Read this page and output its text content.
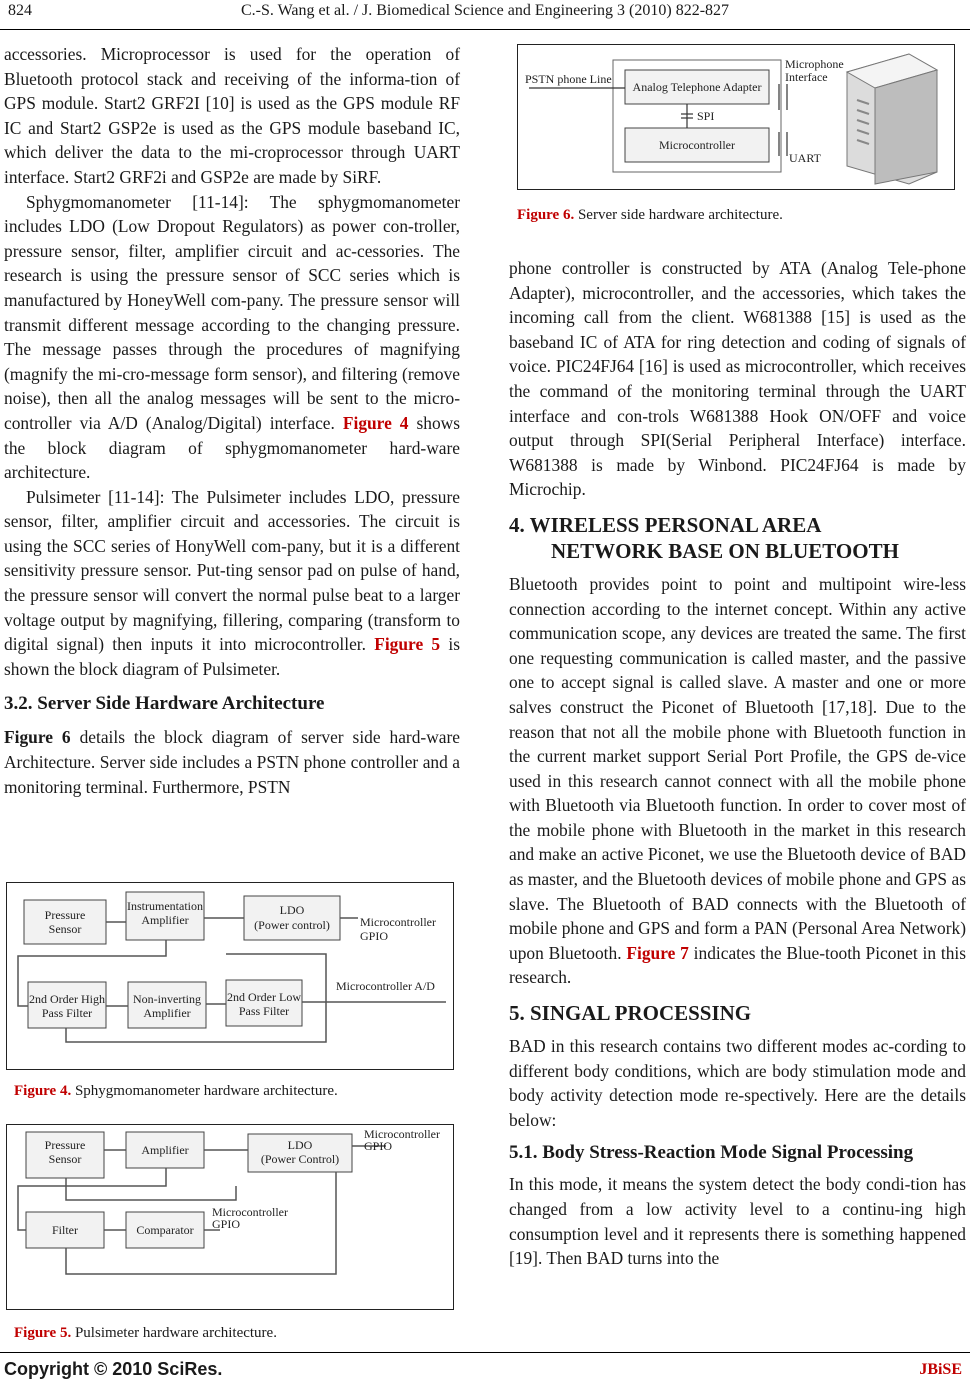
824	C.-S. Wang et al. / J. Biomedical Science and Engineering 3 (2010) 822-827

accessories. Microprocessor is used for the operation of Bluetooth protocol stack and receiving of the informa-tion of GPS module. Start2 GRF2I [10] is used as the GPS module RF IC and Start2 GSP2e is used as the GPS module baseband IC, which deliver the data to the mi-croprocessor through UART interface. Start2 GRF2i and GSP2e are made by SiRF.

Sphygmomanometer [11-14]: The sphygmomanometer includes LDO (Low Dropout Regulators) as power con-troller, pressure sensor, filter, amplifier circuit and ac-cessories. The research is using the pressure sensor of SCC series which is manufactured by HoneyWell com-pany. The pressure sensor will transmit different message according to the changing pressure. The message passes through the procedures of magnifying (magnify the mi-cro-message form sensor), and filtering (remove noise), then all the analog messages will be sent to the micro-controller via A/D (Analog/Digital) interface. Figure 4 shows the block diagram of sphygmomanometer hard-ware architecture.

Pulsimeter [11-14]: The Pulsimeter includes LDO, pressure sensor, filter, amplifier circuit and accessories. The circuit is using the SCC series of HonyWell com-pany, but it is a different sensitivity pressure sensor. Put-ting sensor pad on pulse of hand, the pressure sensor will convert the normal pulse beat to a larger voltage output by magnifying, fillering, comparing (transform to digital signal) then inputs it into microcontroller. Figure 5 is shown the block diagram of Pulsimeter.

3.2. Server Side Hardware Architecture

Figure 6 details the block diagram of server side hard-ware Architecture. Server side includes a PSTN phone controller and a monitoring terminal. Furthermore, PSTN

Pressure
Sensor
Instrumentation
Amplifier
LDO
(Power control)
2nd Order High
Pass Filter
Non-inverting
Amplifier
2nd Order Low
Pass Filter
Microcontroller
GPIO
Microcontroller A/D
Figure 4. Sphygmomanometer hardware architecture.
Pressure
Sensor
Amplifier	LDO
(Power Control)
Filter	Comparator
Microcontroller
GPIO
Microcontroller
GPIO
Figure 5. Pulsimeter hardware architecture.
PSTN phone Line
SPI
Microphone
Interface
UART
Analog Telephone Adapter
Microcontroller
Figure 6. Server side hardware architecture.

phone controller is constructed by ATA (Analog Tele-phone Adapter), microcontroller, and the accessories, which takes the incoming call from the client. W681388 [15] is used as the baseband IC of ATA for ring detection and coding of signals of voice. PIC24FJ64 [16] is used as microcontroller, which receives the command of the monitoring terminal through the UART interface and con-trols W681388 Hook ON/OFF and voice output through SPI(Serial Peripheral Interface) interface. W681388 is made by Winbond. PIC24FJ64 is made by Microchip.

4. WIRELESS PERSONAL AREA

NETWORK BASE ON BLUETOOTH

Bluetooth provides point to point and multipoint wire-less connection according to the internet concept. Within any active communication scope, any devices are treated the same. The first one requesting communication is called master, and the passive one to accept signal is called slave. A master and one or more salves construct the Piconet of Bluetooth [17,18]. Due to the reason that not all the mobile phone with Bluetooth function in the current market support Serial Port Profile, the GPS de-vice used in this research cannot connect with all the mobile phone with Bluetooth via Bluetooth function. In order to cover most of the mobile phone with Bluetooth in the market in this research and make an active Piconet, we use the Bluetooth device of BAD as master, and the Bluetooth devices of mobile phone and GPS as slave. The Bluetooth of BAD connects with the Bluetooth of mobile phone and GPS and form a PAN (Personal Area Network) upon Bluetooth. Figure 7 indicates the Blue-tooth Piconet in this research.

5. SINGAL PROCESSING

BAD in this research contains two different modes ac-cording to different body conditions, which are body stimulation mode and body activity detection mode re-spectively. Here are the details below:

5.1. Body Stress-Reaction Mode Signal Processing

In this mode, it means the system detect the body condi-tion has changed from a low activity level to a continu-ing high consumption level and it represents there is something happened [19]. Then BAD turns into the

Copyright © 2010 SciRes.	JBiSE
